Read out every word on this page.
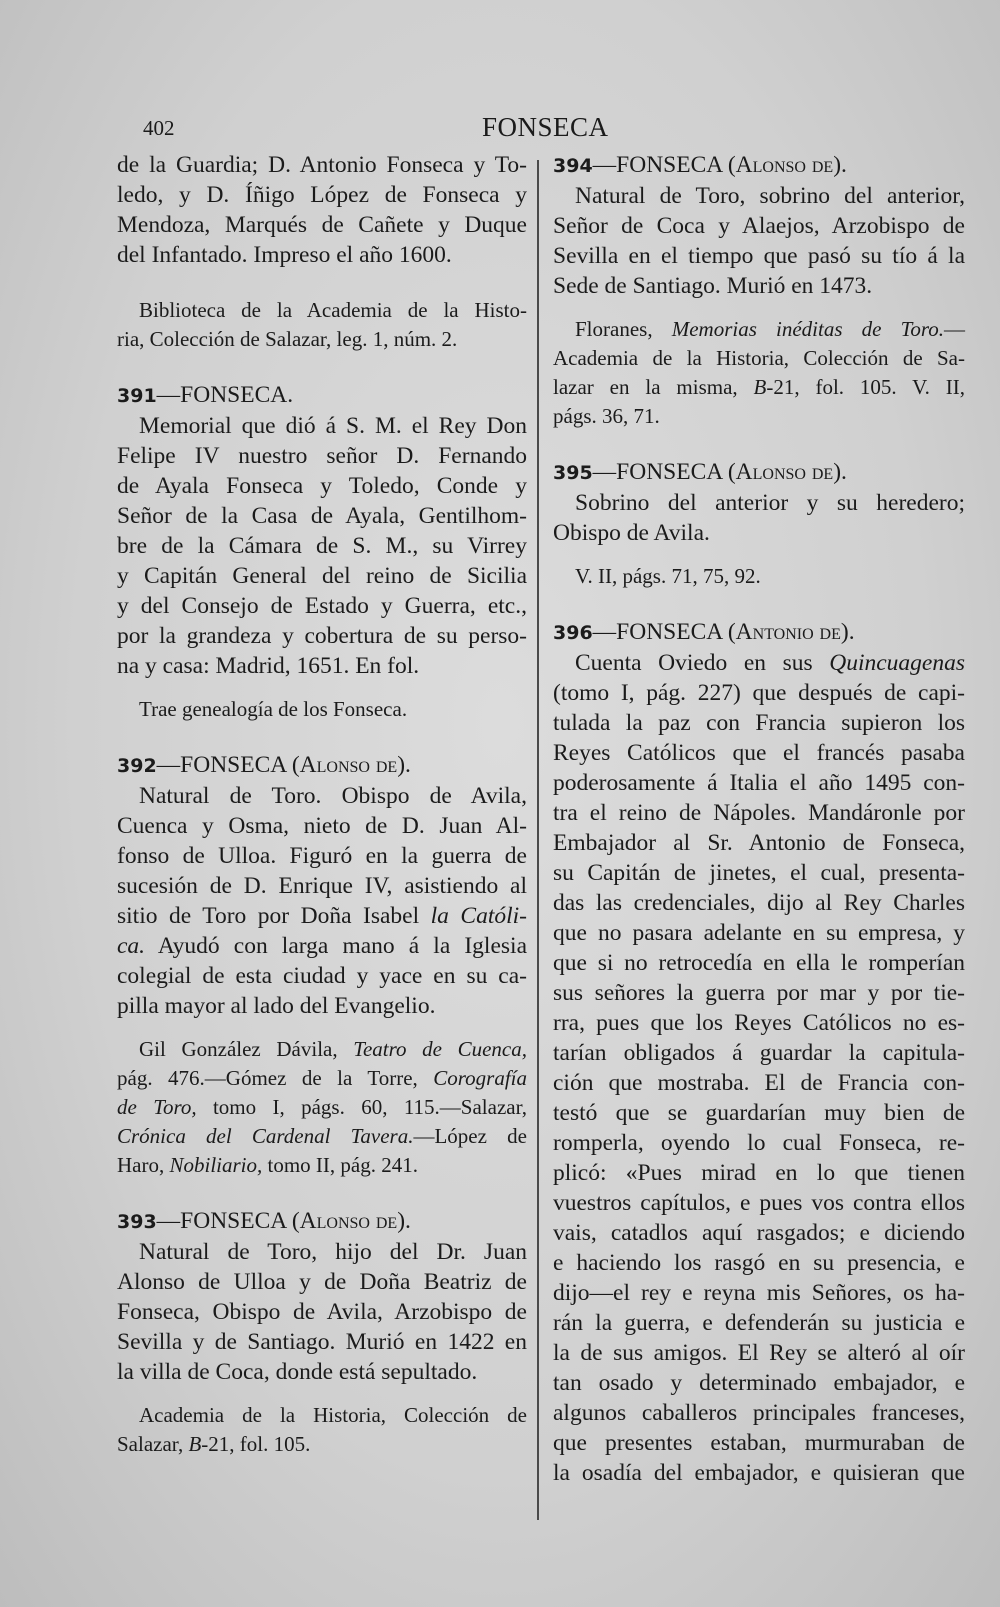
402	FONSECA
de la Guardia; D. Antonio Fonseca y To-
ledo, y D. Íñigo López de Fonseca y
Mendoza, Marqués de Cañete y Duque
del Infantado. Impreso el año 1600.
Biblioteca de la Academia de la Histo-
ria, Colección de Salazar, leg. 1, núm. 2.
391—FONSECA.
Memorial que dió á S. M. el Rey Don
Felipe IV nuestro señor D. Fernando
de Ayala Fonseca y Toledo, Conde y
Señor de la Casa de Ayala, Gentilhom-
bre de la Cámara de S. M., su Virrey
y Capitán General del reino de Sicilia
y del Consejo de Estado y Guerra, etc.,
por la grandeza y cobertura de su perso-
na y casa: Madrid, 1651. En fol.
Trae genealogía de los Fonseca.
392—FONSECA (Alonso de).
Natural de Toro. Obispo de Avila,
Cuenca y Osma, nieto de D. Juan Al-
fonso de Ulloa. Figuró en la guerra de
sucesión de D. Enrique IV, asistiendo al
sitio de Toro por Doña Isabel la Católi-
ca. Ayudó con larga mano á la Iglesia
colegial de esta ciudad y yace en su ca-
pilla mayor al lado del Evangelio.
Gil González Dávila, Teatro de Cuenca,
pág. 476.—Gómez de la Torre, Corografía
de Toro, tomo I, págs. 60, 115.—Salazar,
Crónica del Cardenal Tavera.—López de
Haro, Nobiliario, tomo II, pág. 241.
393—FONSECA (Alonso de).
Natural de Toro, hijo del Dr. Juan
Alonso de Ulloa y de Doña Beatriz de
Fonseca, Obispo de Avila, Arzobispo de
Sevilla y de Santiago. Murió en 1422 en
la villa de Coca, donde está sepultado.
Academia de la Historia, Colección de
Salazar, B-21, fol. 105.
394—FONSECA (Alonso de).
Natural de Toro, sobrino del anterior,
Señor de Coca y Alaejos, Arzobispo de
Sevilla en el tiempo que pasó su tío á la
Sede de Santiago. Murió en 1473.
Floranes, Memorias inéditas de Toro.—
Academia de la Historia, Colección de Sa-
lazar en la misma, B-21, fol. 105. V. II,
págs. 36, 71.
395—FONSECA (Alonso de).
Sobrino del anterior y su heredero;
Obispo de Avila.
V. II, págs. 71, 75, 92.
396—FONSECA (Antonio de).
Cuenta Oviedo en sus Quincuagenas
(tomo I, pág. 227) que después de capi-
tulada la paz con Francia supieron los
Reyes Católicos que el francés pasaba
poderosamente á Italia el año 1495 con-
tra el reino de Nápoles. Mandáronle por
Embajador al Sr. Antonio de Fonseca,
su Capitán de jinetes, el cual, presenta-
das las credenciales, dijo al Rey Charles
que no pasara adelante en su empresa, y
que si no retrocedía en ella le romperían
sus señores la guerra por mar y por tie-
rra, pues que los Reyes Católicos no es-
tarían obligados á guardar la capitula-
ción que mostraba. El de Francia con-
testó que se guardarían muy bien de
romperla, oyendo lo cual Fonseca, re-
plicó: «Pues mirad en lo que tienen
vuestros capítulos, e pues vos contra ellos
vais, catadlos aquí rasgados; e diciendo
e haciendo los rasgó en su presencia, e
dijo—el rey e reyna mis Señores, os ha-
rán la guerra, e defenderán su justicia e
la de sus amigos. El Rey se alteró al oír
tan osado y determinado embajador, e
algunos caballeros principales franceses,
que presentes estaban, murmuraban de
la osadía del embajador, e quisieran que
